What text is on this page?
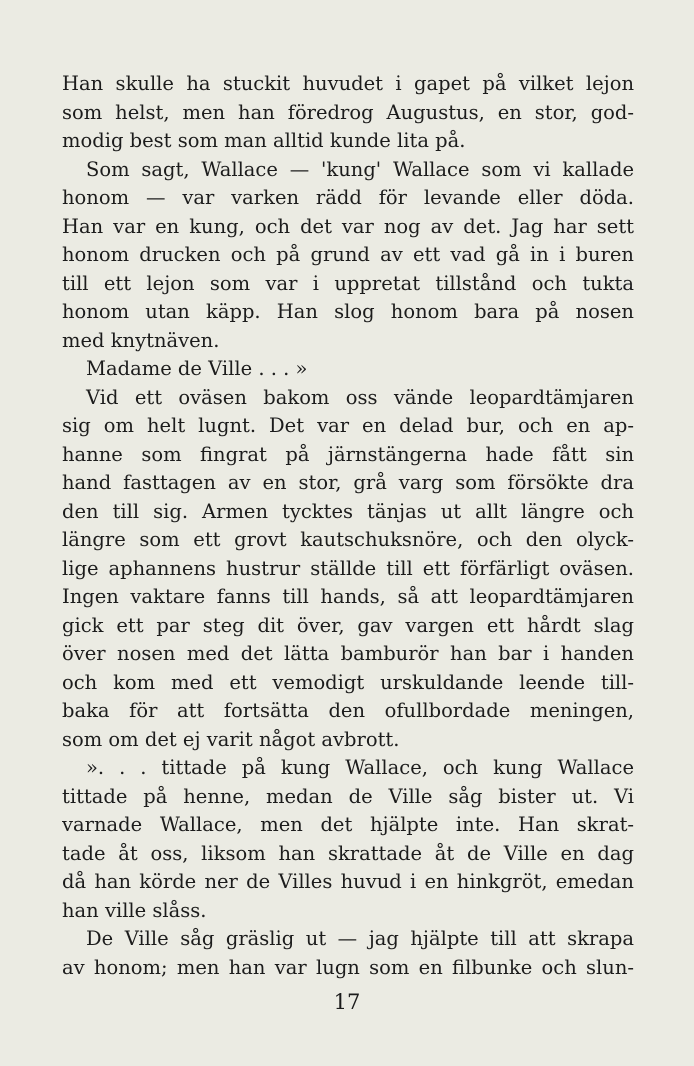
Han skulle ha stuckit huvudet i gapet på vilket lejon
som helst, men han föredrog Augustus, en stor, god-
modig best som man alltid kunde lita på.
Som sagt, Wallace — 'kung' Wallace som vi kallade
honom — var varken rädd för levande eller döda.
Han var en kung, och det var nog av det. Jag har sett
honom drucken och på grund av ett vad gå in i buren
till ett lejon som var i uppretat tillstånd och tukta
honom utan käpp. Han slog honom bara på nosen
med knytnäven.
Madame de Ville . . . »
Vid ett oväsen bakom oss vände leopardtämjaren
sig om helt lugnt. Det var en delad bur, och en ap-
hanne som fingrat på järnstängerna hade fått sin
hand fasttagen av en stor, grå varg som försökte dra
den till sig. Armen tycktes tänjas ut allt längre och
längre som ett grovt kautschuksnöre, och den olyck-
lige aphannens hustrur ställde till ett förfärligt oväsen.
Ingen vaktare fanns till hands, så att leopardtämjaren
gick ett par steg dit över, gav vargen ett hårdt slag
över nosen med det lätta bamburör han bar i handen
och kom med ett vemodigt urskuldande leende till-
baka för att fortsätta den ofullbordade meningen,
som om det ej varit något avbrott.
». . . tittade på kung Wallace, och kung Wallace
tittade på henne, medan de Ville såg bister ut. Vi
varnade Wallace, men det hjälpte inte. Han skrat-
tade åt oss, liksom han skrattade åt de Ville en dag
då han körde ner de Villes huvud i en hinkgröt, emedan
han ville slåss.
De Ville såg gräslig ut — jag hjälpte till att skrapa
av honom; men han var lugn som en filbunke och slun-
17
